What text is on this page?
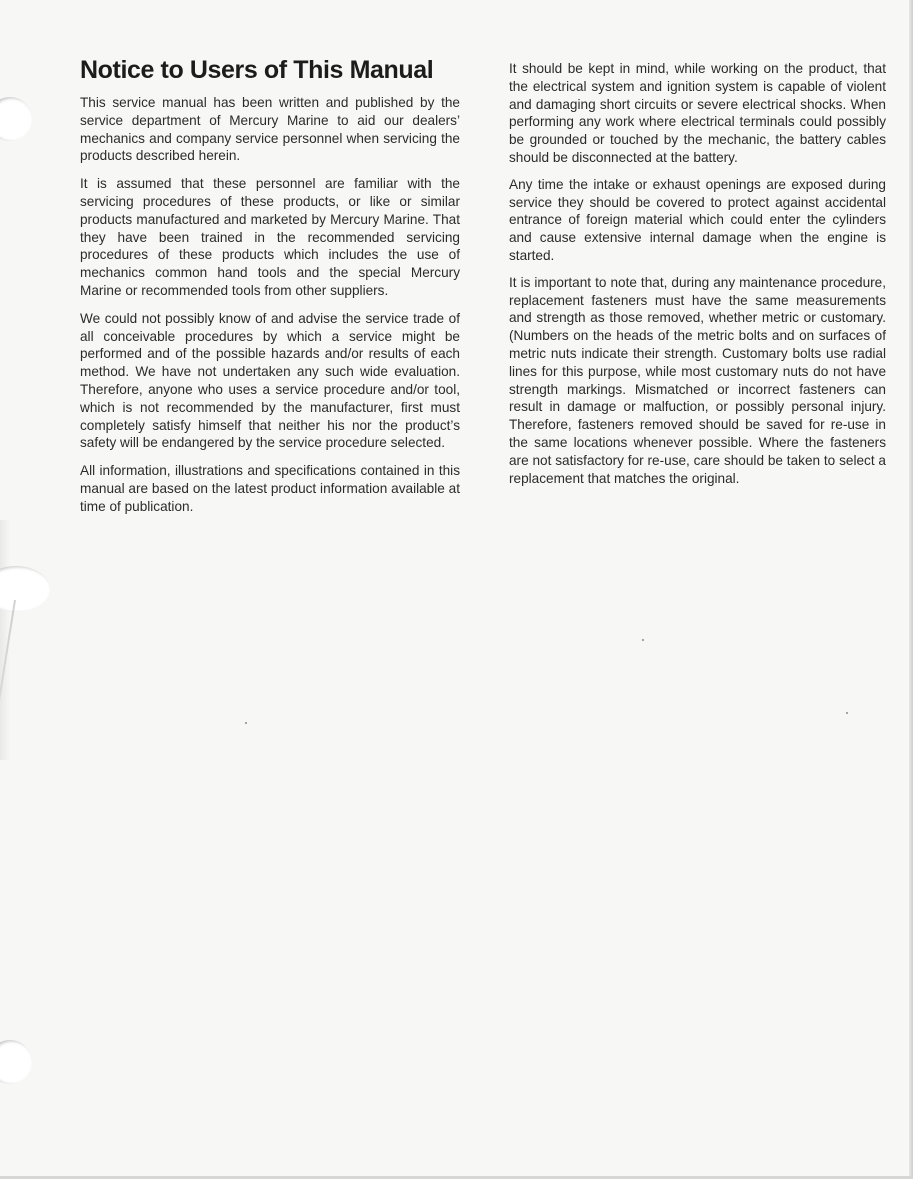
Notice to Users of This Manual

This service manual has been written and published by the service department of Mercury Marine to aid our dealers’ mechanics and company service personnel when servicing the products described herein.

It is assumed that these personnel are familiar with the servicing procedures of these products, or like or similar products manufactured and marketed by Mercury Marine. That they have been trained in the recommended servicing procedures of these products which includes the use of mechanics common hand tools and the special Mercury Marine or recommended tools from other suppliers.

We could not possibly know of and advise the service trade of all conceivable procedures by which a service might be performed and of the possible hazards and/or results of each method. We have not undertaken any such wide evaluation. Therefore, anyone who uses a service procedure and/or tool, which is not recommended by the manufacturer, first must completely satisfy himself that neither his nor the product’s safety will be endangered by the service procedure selected.

All information, illustrations and specifications contained in this manual are based on the latest product information available at time of publication.

It should be kept in mind, while working on the product, that the electrical system and ignition system is capable of violent and damaging short circuits or severe electrical shocks. When performing any work where electrical terminals could possibly be grounded or touched by the mechanic, the battery cables should be disconnected at the battery.

Any time the intake or exhaust openings are exposed during service they should be covered to protect against accidental entrance of foreign material which could enter the cylinders and cause extensive internal damage when the engine is started.

It is important to note that, during any maintenance procedure, replacement fasteners must have the same measurements and strength as those removed, whether metric or customary. (Numbers on the heads of the metric bolts and on surfaces of metric nuts indicate their strength. Customary bolts use radial lines for this purpose, while most customary nuts do not have strength markings. Mismatched or incorrect fasteners can result in damage or malfuction, or possibly personal injury. Therefore, fasteners removed should be saved for re-use in the same locations whenever possible. Where the fasteners are not satisfactory for re-use, care should be taken to select a replacement that matches the original.
